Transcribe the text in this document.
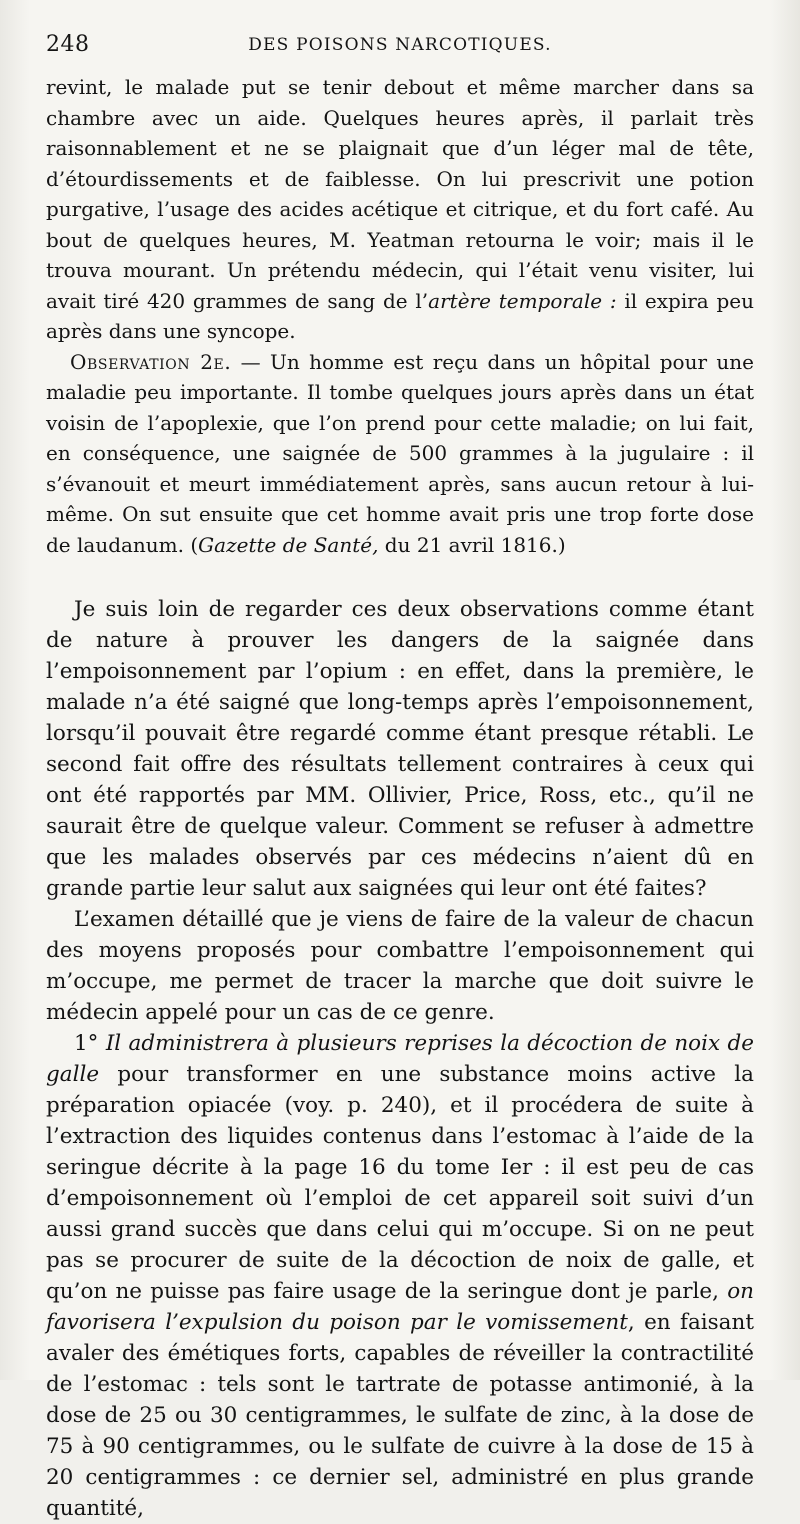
248	DES POISONS NARCOTIQUES.

revint, le malade put se tenir debout et même marcher dans sa chambre avec un aide. Quelques heures après, il parlait très raisonnablement et ne se plaignait que d’un léger mal de tête, d’étourdissements et de faiblesse. On lui prescrivit une potion purgative, l’usage des acides acétique et citrique, et du fort café. Au bout de quelques heures, M. Yeatman retourna le voir; mais il le trouva mourant. Un prétendu médecin, qui l’était venu visiter, lui avait tiré 420 grammes de sang de l’artère temporale : il expira peu après dans une syncope.

Observation 2e. — Un homme est reçu dans un hôpital pour une maladie peu importante. Il tombe quelques jours après dans un état voisin de l’apoplexie, que l’on prend pour cette maladie; on lui fait, en conséquence, une saignée de 500 grammes à la jugulaire : il s’évanouit et meurt immédiatement après, sans aucun retour à lui-même. On sut ensuite que cet homme avait pris une trop forte dose de laudanum. (Gazette de Santé, du 21 avril 1816.)

Je suis loin de regarder ces deux observations comme étant de nature à prouver les dangers de la saignée dans l’empoisonnement par l’opium : en effet, dans la première, le malade n’a été saigné que long-temps après l’empoisonnement, lorsqu’il pouvait être regardé comme étant presque rétabli. Le second fait offre des résultats tellement contraires à ceux qui ont été rapportés par MM. Ollivier, Price, Ross, etc., qu’il ne saurait être de quelque valeur. Comment se refuser à admettre que les malades observés par ces médecins n’aient dû en grande partie leur salut aux saignées qui leur ont été faites?

L’examen détaillé que je viens de faire de la valeur de chacun des moyens proposés pour combattre l’empoisonnement qui m’occupe, me permet de tracer la marche que doit suivre le médecin appelé pour un cas de ce genre.

1° Il administrera à plusieurs reprises la décoction de noix de galle pour transformer en une substance moins active la préparation opiacée (voy. p. 240), et il procédera de suite à l’extraction des liquides contenus dans l’estomac à l’aide de la seringue décrite à la page 16 du tome Ier : il est peu de cas d’empoisonnement où l’emploi de cet appareil soit suivi d’un aussi grand succès que dans celui qui m’occupe. Si on ne peut pas se procurer de suite de la décoction de noix de galle, et qu’on ne puisse pas faire usage de la seringue dont je parle, on favorisera l’expulsion du poison par le vomissement, en faisant avaler des émétiques forts, capables de réveiller la contractilité de l’estomac : tels sont le tartrate de potasse antimonié, à la dose de 25 ou 30 centigrammes, le sulfate de zinc, à la dose de 75 à 90 centigrammes, ou le sulfate de cuivre à la dose de 15 à 20 centigrammes : ce dernier sel, administré en plus grande quantité,
